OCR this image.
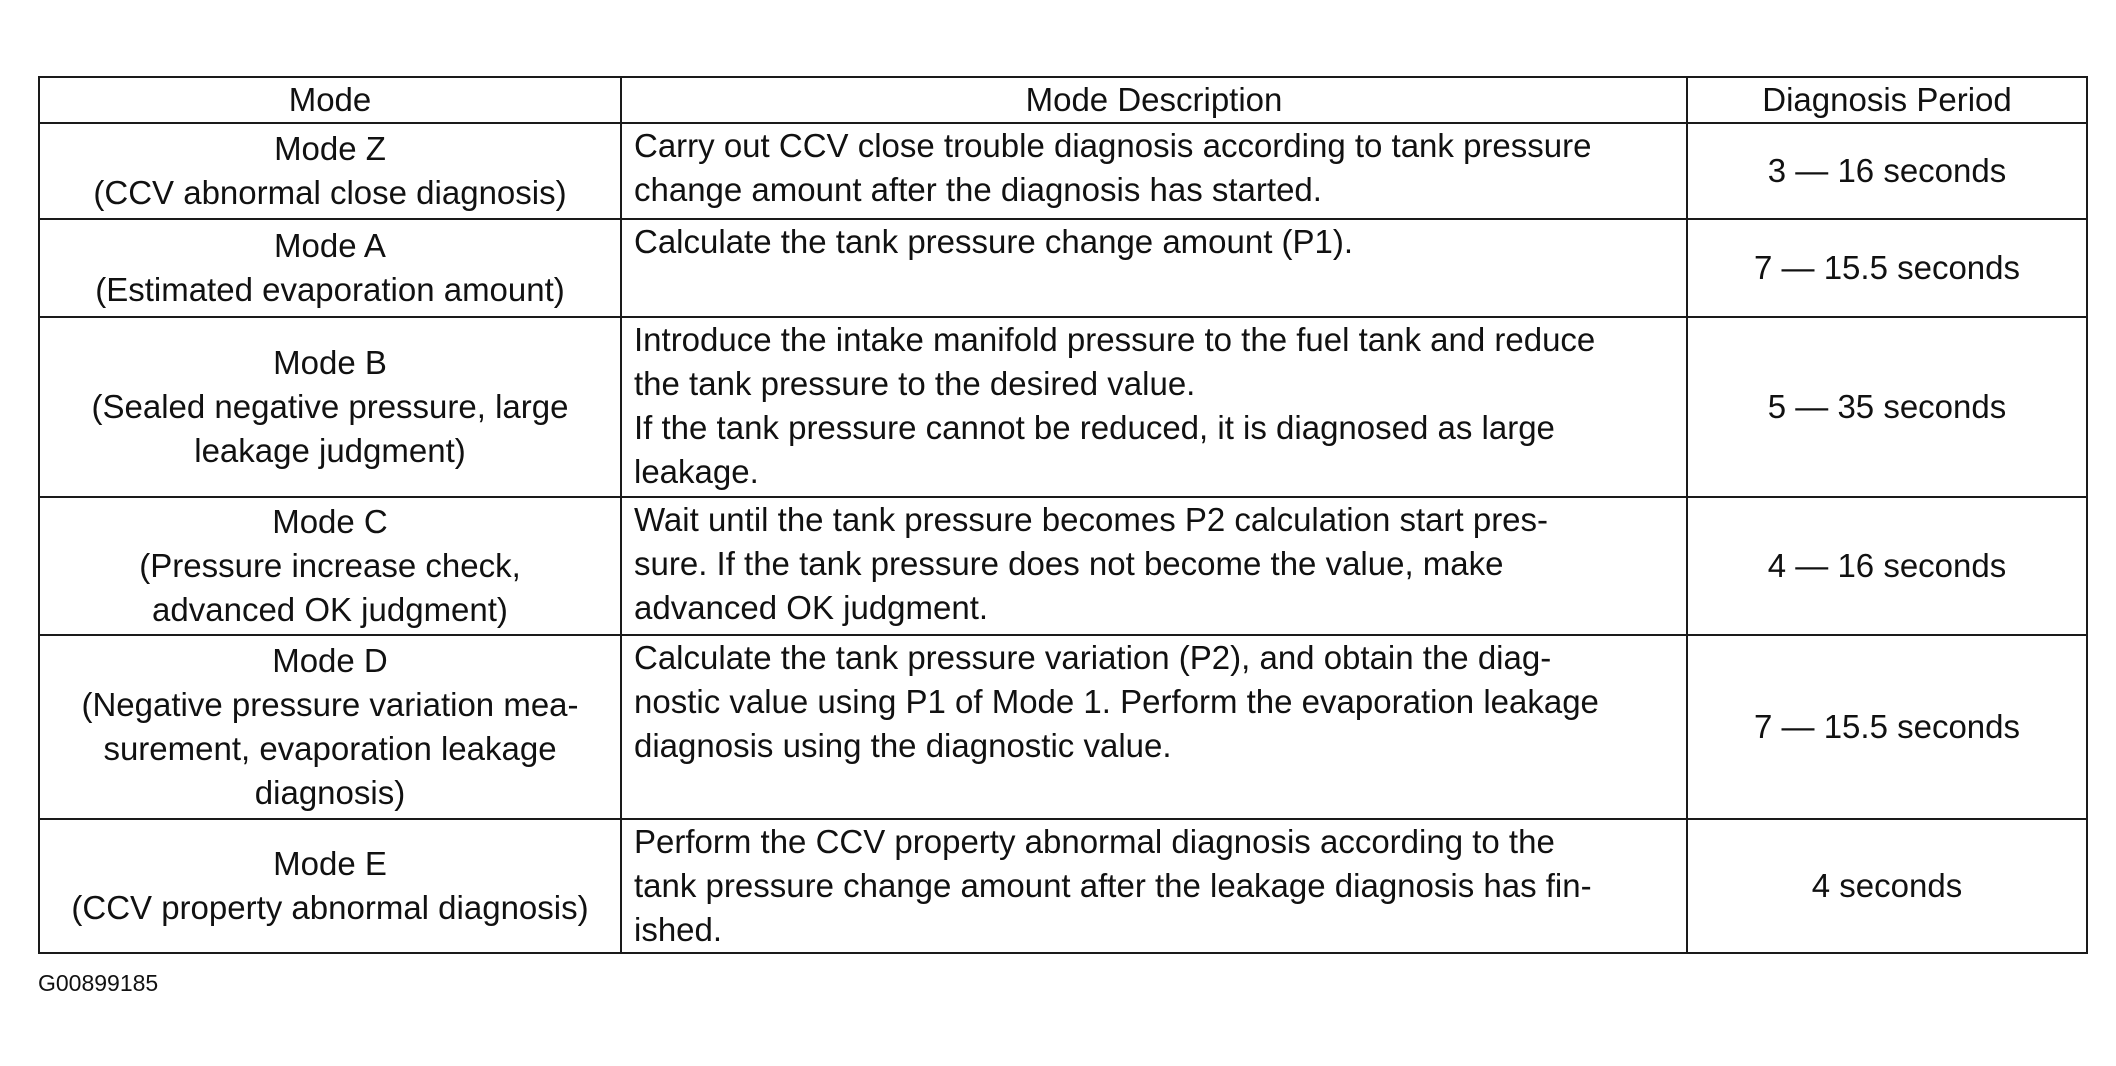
Mode	Mode Description	Diagnosis Period

Mode Z
(CCV abnormal close diagnosis)	Carry out CCV close trouble diagnosis according to tank pressure
change amount after the diagnosis has started.	3 — 16 seconds

Mode A
(Estimated evaporation amount)	Calculate the tank pressure change amount (P1).	7 — 15.5 seconds

Mode B
(Sealed negative pressure, large
leakage judgment)	Introduce the intake manifold pressure to the fuel tank and reduce
the tank pressure to the desired value.
If the tank pressure cannot be reduced, it is diagnosed as large
leakage.	5 — 35 seconds

Mode C
(Pressure increase check,
advanced OK judgment)	Wait until the tank pressure becomes P2 calculation start pres-
sure. If the tank pressure does not become the value, make
advanced OK judgment.	4 — 16 seconds

Mode D
(Negative pressure variation mea-
surement, evaporation leakage
diagnosis)	Calculate the tank pressure variation (P2), and obtain the diag-
nostic value using P1 of Mode 1. Perform the evaporation leakage
diagnosis using the diagnostic value.	7 — 15.5 seconds

Mode E
(CCV property abnormal diagnosis)	Perform the CCV property abnormal diagnosis according to the
tank pressure change amount after the leakage diagnosis has fin-
ished.	4 seconds
G00899185
